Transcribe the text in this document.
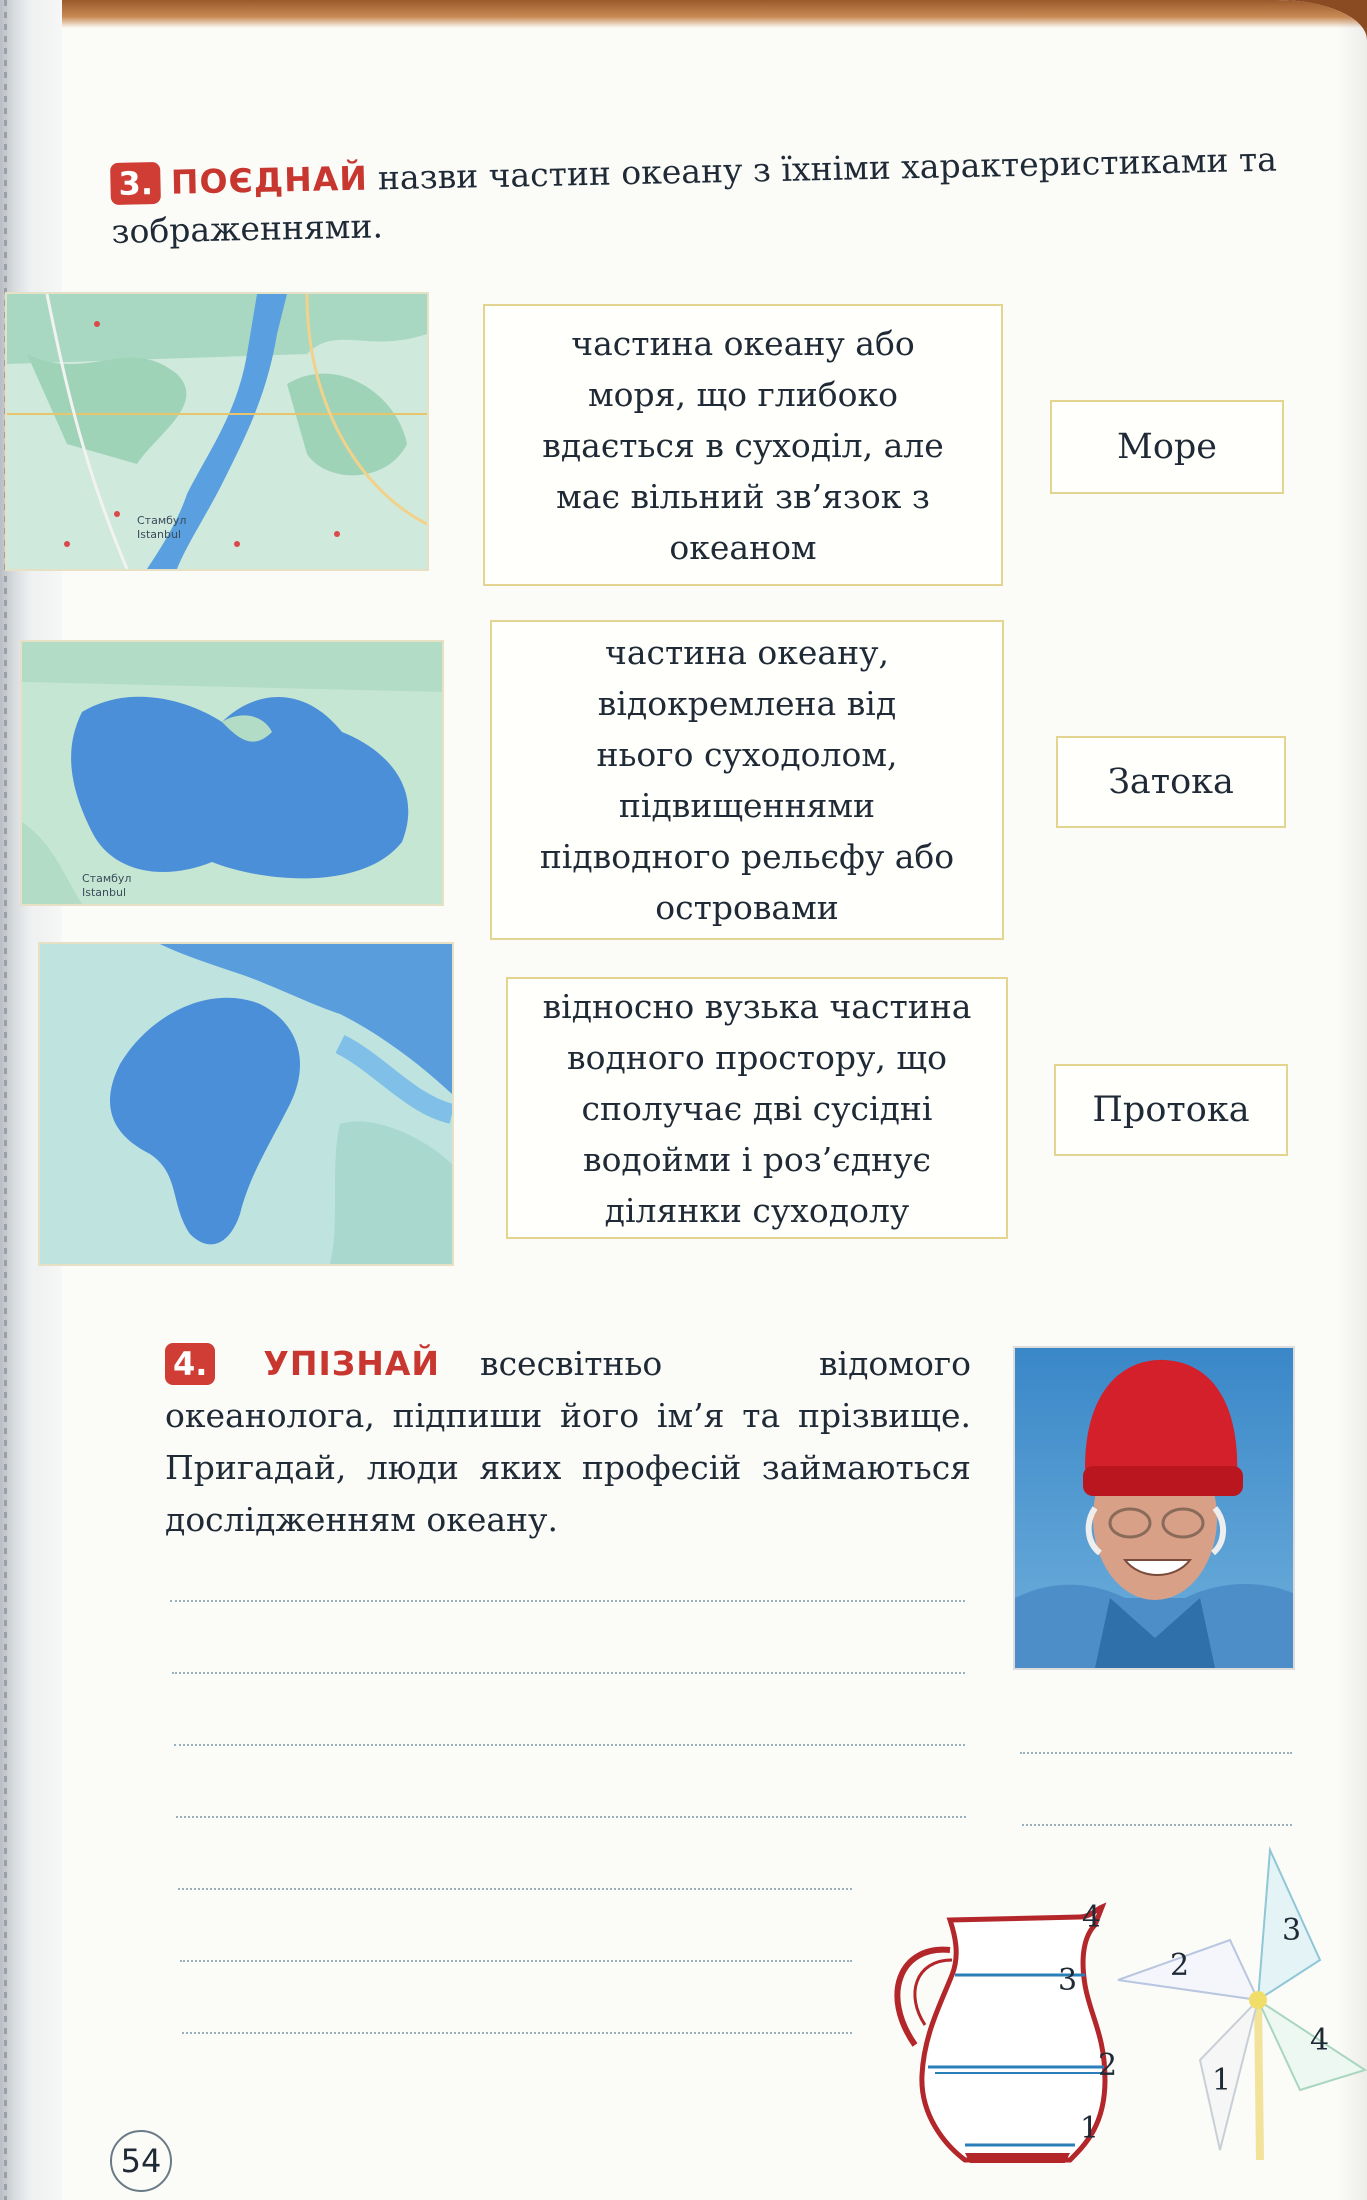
3. ПОЄДНАЙ назви частин океану з їхніми характеристиками та зображеннями.
Стамбул
Istanbul
Стамбул
Istanbul
частина океану або
моря, що глибоко
вдається в суходіл, але
має вільний зв’язок з
океаном
частина океану,
відокремлена від
нього суходолом,
підвищеннями
підводного рельєфу або
островами
відносно вузька частина
водного простору, що
сполучає дві сусідні
водойми і роз’єднує
ділянки суходолу
Море
Затока
Протока
4. УПІЗНАЙ всесвітньо відомого океанолога, підпиши його ім’я та прізвище. Пригадай, люди яких професій займаються дослідженням океану.
4
3
2
1
3
2
4
1
54
